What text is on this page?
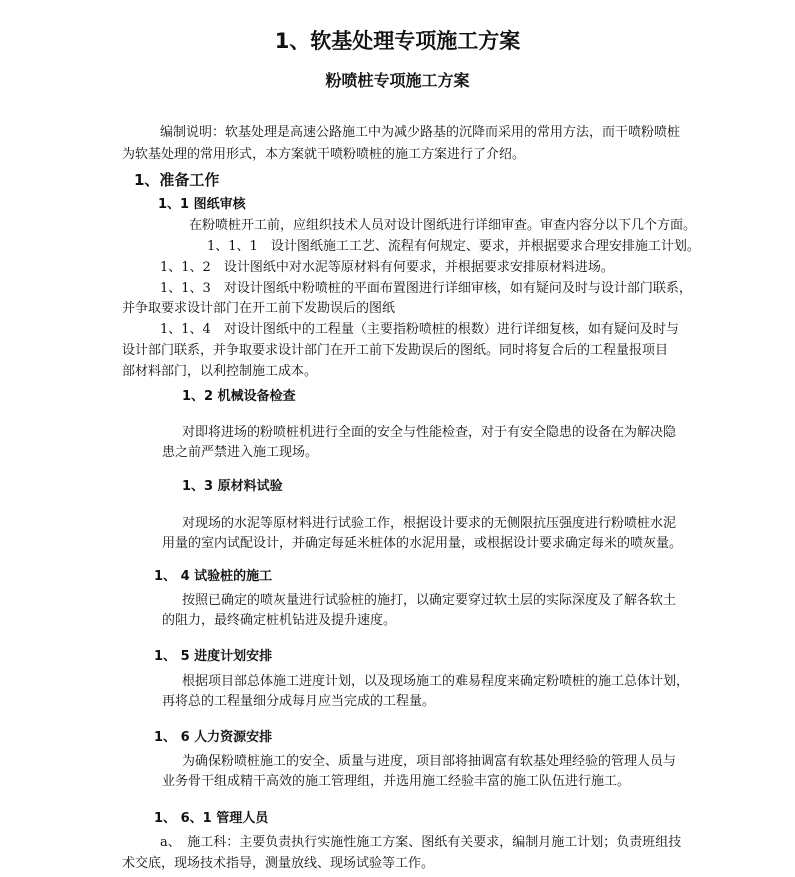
1、软基处理专项施工方案
粉喷桩专项施工方案
编制说明：软基处理是高速公路施工中为减少路基的沉降而采用的常用方法，而干喷粉喷桩
为软基处理的常用形式，本方案就干喷粉喷桩的施工方案进行了介绍。
1、准备工作
1、1 图纸审核
在粉喷桩开工前，应组织技术人员对设计图纸进行详细审查。审查内容分以下几个方面。
1、1、1　设计图纸施工工艺、流程有何规定、要求，并根据要求合理安排施工计划。
1、1、2　设计图纸中对水泥等原材料有何要求，并根据要求安排原材料进场。
1、1、3　对设计图纸中粉喷桩的平面布置图进行详细审核，如有疑问及时与设计部门联系，
并争取要求设计部门在开工前下发勘误后的图纸
1、1、4　对设计图纸中的工程量（主要指粉喷桩的根数）进行详细复核，如有疑问及时与
设计部门联系，并争取要求设计部门在开工前下发勘误后的图纸。同时将复合后的工程量报项目
部材料部门，以利控制施工成本。
1、2 机械设备检查
对即将进场的粉喷桩机进行全面的安全与性能检查，对于有安全隐患的设备在为解决隐
患之前严禁进入施工现场。
1、3 原材料试验
对现场的水泥等原材料进行试验工作，根据设计要求的无侧限抗压强度进行粉喷桩水泥
用量的室内试配设计，并确定每延米桩体的水泥用量，或根据设计要求确定每米的喷灰量。
1、 4 试验桩的施工
按照已确定的喷灰量进行试验桩的施打，以确定要穿过软土层的实际深度及了解各软土
的阻力，最终确定桩机钻进及提升速度。
1、 5 进度计划安排
根据项目部总体施工进度计划，以及现场施工的难易程度来确定粉喷桩的施工总体计划，
再将总的工程量细分成每月应当完成的工程量。
1、 6 人力资源安排
为确保粉喷桩施工的安全、质量与进度，项目部将抽调富有软基处理经验的管理人员与
业务骨干组成精干高效的施工管理组，并选用施工经验丰富的施工队伍进行施工。
1、 6、1 管理人员
a、　施工科：主要负责执行实施性施工方案、图纸有关要求，编制月施工计划；负责班组技
术交底，现场技术指导，测量放线、现场试验等工作。
